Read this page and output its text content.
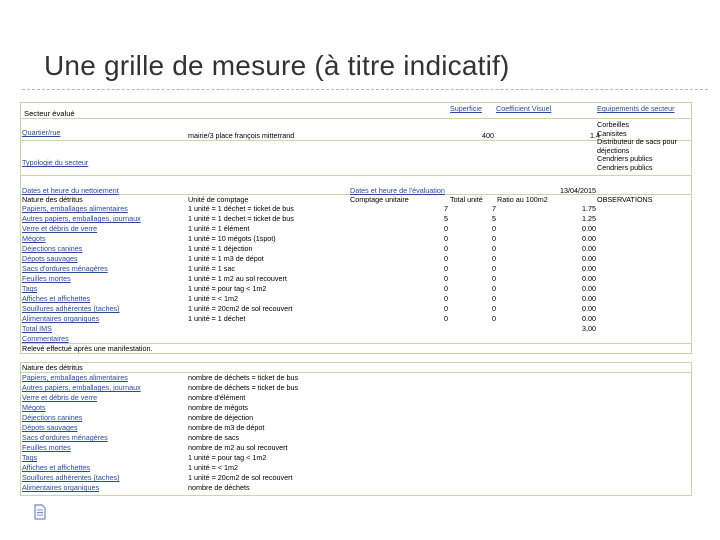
Une grille de mesure (à titre indicatif)
Secteur évalué
Superficie Coefficient Visuel	Equipements de secteur
Quartier/rue	mairie/3 place françois mitterrand	400	1.4
Corbeilles
Canisites
Distributeur de sacs pour
déjections
Cendriers publics
Cendriers publics
Typologie du secteur
Dates et heure du nettoiement	Dates et heure de l'évaluation	13/04/2015
Nature des détritus	Unité de comptage	Comptage unitaire	Total unité Ratio au 100m2	OBSERVATIONS
Papiers, emballages alimentaires	1 unité = 1 déchet = ticket de bus	7	7	1.75
Autres papiers, emballages, journaux	1 unité = 1 dechet = ticket de bus	5	5	1.25
Verre et débris de verre	1 unité = 1 élément	0	0	0.00
Mégots	1 unité = 10 mégots (1spot)	0	0	0.00
Déjections canines	1 unité = 1 déjection	0	0	0.00
Dépots sauvages	1 unité = 1 m3 de dépot	0	0	0.00
Sacs d'ordures ménagères	1 unité = 1 sac	0	0	0.00
Feuilles mortes	1 unité = 1 m2 au sol recouvert	0	0	0.00
Tags	1 unité = pour tag < 1m2	0	0	0.00
Affiches et affichettes	1 unité = < 1m2	0	0	0.00
Souillures adhérentes (taches)	1 unité = 20cm2 de sol recouvert	0	0	0.00
Alimentaires organiques	1 unité = 1 déchet	0	0	0.00
Total IMS	3,00
Commentaires
Relevé effectué après une manifestation.
Nature des détritus
Papiers, emballages alimentaires	nombre de déchets = ticket de bus
Autres papiers, emballages, journaux	nombre de déchets = ticket de bus
Verre et débris de verre	nombre d'élément
Mégots	nombre de mégots
Déjections canines	nombre de déjection
Dépots sauvages	nombre de m3 de dépot
Sacs d'ordures ménagères	nombre de sacs
Feuilles mortes	nombre de m2 au sol recouvert
Tags	1 unité = pour tag < 1m2
Affiches et affichettes	1 unité = < 1m2
Souillures adhérentes (taches)	1 unité = 20cm2 de sol recouvert
Alimentaires organiques	nombre de déchets
